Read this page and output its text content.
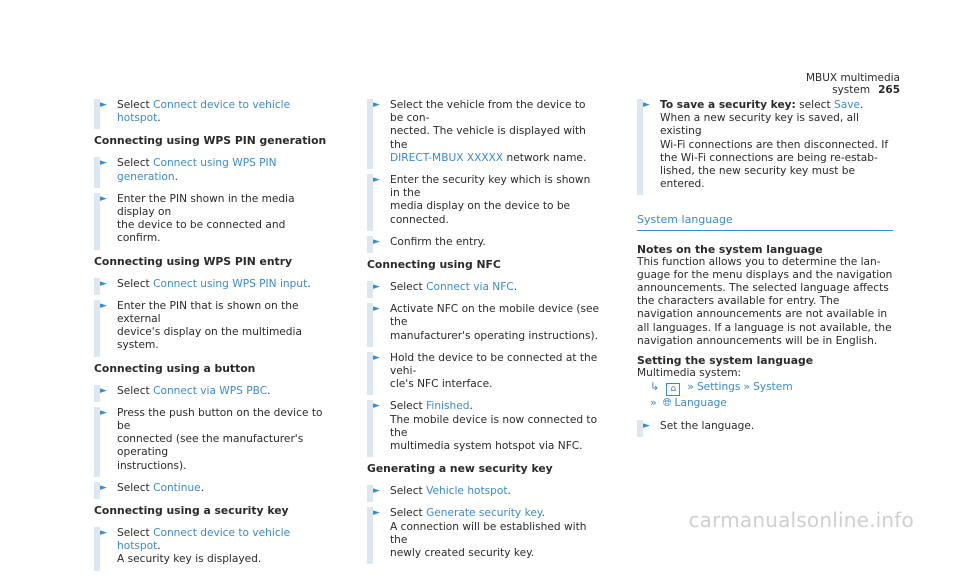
MBUX multimedia system 265
► Select Connect device to vehicle hotspot.
Connecting using WPS PIN generation
► Select Connect using WPS PIN generation.
► Enter the PIN shown in the media display on
the device to be connected and confirm.
Connecting using WPS PIN entry
► Select Connect using WPS PIN input.
► Enter the PIN that is shown on the external
device's display on the multimedia system.
Connecting using a button
► Select Connect via WPS PBC.
► Press the push button on the device to be
connected (see the manufacturer's operating
instructions).
► Select Continue.
Connecting using a security key
► Select Connect device to vehicle hotspot.
A security key is displayed.
► Select the vehicle from the device to be con-
nected. The vehicle is displayed with the
DIRECT-MBUX XXXXX network name.
► Enter the security key which is shown in the
media display on the device to be connected.
► Confirm the entry.
Connecting using NFC
► Select Connect via NFC.
► Activate NFC on the mobile device (see the
manufacturer's operating instructions).
► Hold the device to be connected at the vehi-
cle's NFC interface.
► Select Finished.
The mobile device is now connected to the
multimedia system hotspot via NFC.
Generating a new security key
► Select Vehicle hotspot.
► Select Generate security key.
A connection will be established with the
newly created security key.
► To save a security key: select Save.
When a new security key is saved, all existing
Wi-Fi connections are then disconnected. If
the Wi-Fi connections are being re-estab-
lished, the new security key must be entered.
System language
Notes on the system language
This function allows you to determine the lan- guage for the menu displays and the navigation announcements. The selected language affects the characters available for entry. The navigation announcements are not available in all languages. If a language is not available, the navigation announcements will be in English.
Setting the system language
Multimedia system:
↳ ⌂ » Settings » System
» 🌐︎ Language
► Set the language.
carmanualsonline.info
